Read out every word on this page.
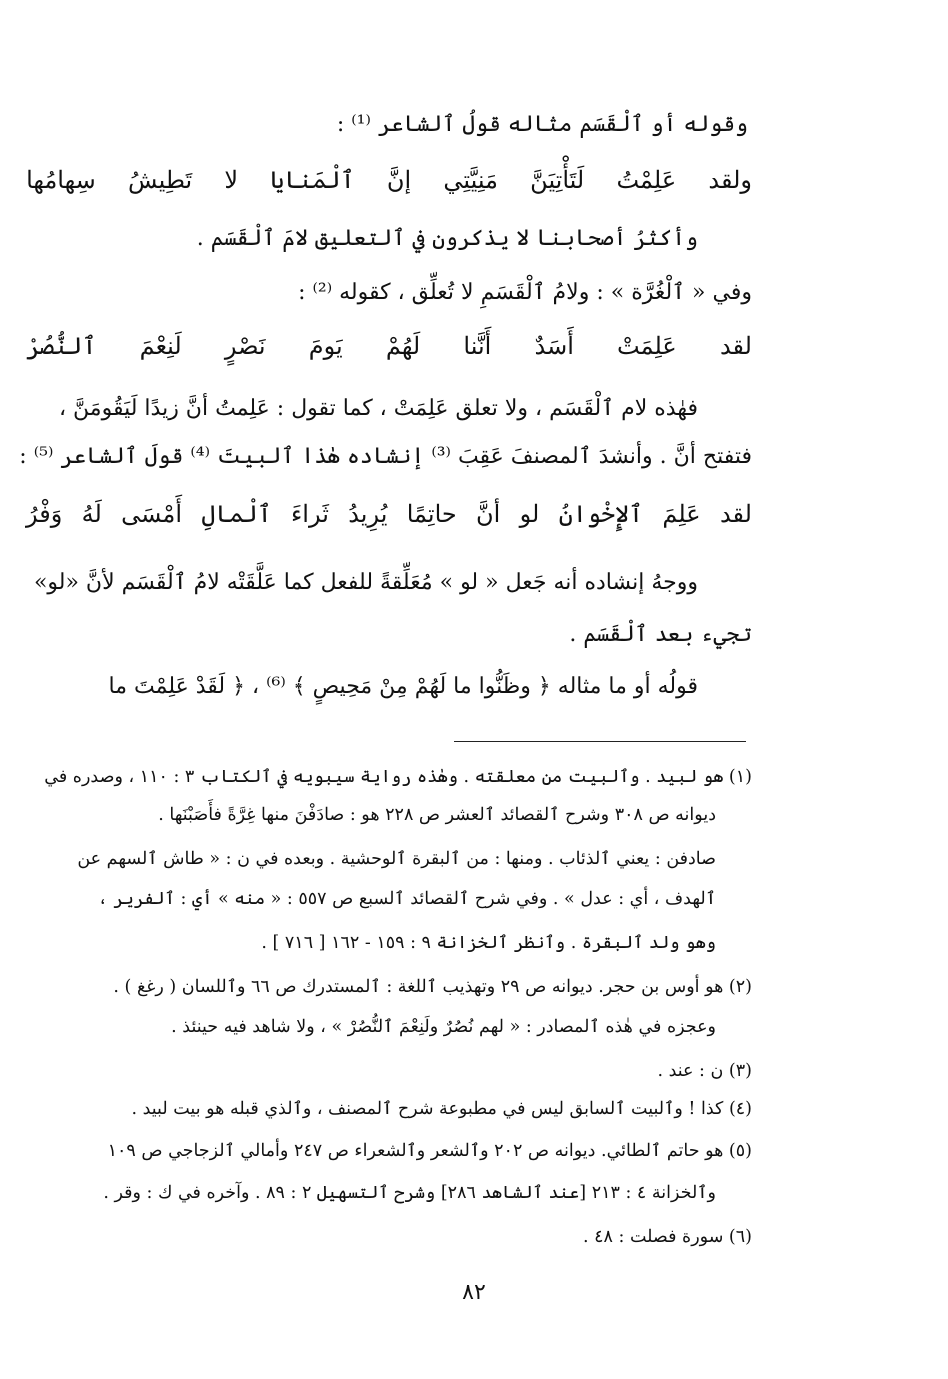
وقوله أو ٱلْقَسَم مثاله قولُ ٱلشاعر ⁽¹⁾ :
ولقد
عَلِمْتُ
لَتَأْتِيَنَّ
مَنِيَّتِي
إنَّ
ٱلْمَنايا
لا
تَطِيشُ
سِهامُها
وأكثرُ أصحابنا لا يذكرون في ٱلتعليق لامَ ٱلْقَسَم .
وفي « ٱلْغُرَّة » : ولامُ ٱلْقَسَمِ لا تُعلِّق ، كقوله ⁽²⁾ :
لقد
عَلِمَتْ
أَسَدٌ
أَنَّنا
لَهُمْ
يَومَ
نَصْرٍ
لَنِعْمَ
ٱلنُّصُرْ
فهٰذه لام ٱلْقَسَم ، ولا تعلق عَلِمَتْ ، كما تقول : عَلِمتُ أنَّ زيدًا لَيَقُومَنَّ ،
فتفتح أنَّ . وأنشدَ ٱلمصنفَ عَقِبَ ⁽³⁾ إنشاده هٰذا ٱلبيتَ ⁽⁴⁾ قولَ ٱلشاعر ⁽⁵⁾ :
لقد
عَلِمَ
ٱلإِخْوانُ
لو
أنَّ
حاتِمًا
يُرِيدُ
ثَراءَ
ٱلْمالِ
أَمْسَى
لَهُ
وَفْرُ
ووجهُ إنشاده أنه جَعل « لو » مُعَلِّقةً للفعل كما عَلَّقَتْه لامُ ٱلْقَسَم لأنَّ «لو»
تجيء بعد ٱلْقَسَم .
قولُه أو ما مثاله ﴿ وظَنُّوا ما لَهُمْ مِنْ مَحِيصٍ ﴾ ⁽⁶⁾ ، ﴿ لَقَدْ عَلِمْتَ ما
(١) هو لبيد . وٱلبيت من معلقته . وهٰذه رواية سيبويه في ٱلكتاب ٣ : ١١٠ ، وصدره في
ديوانه ص ٣٠٨ وشرح ٱلقصائد ٱلعشر ص ٢٢٨ هو : صادَفْنَ منها غِرَّةً فأَصَبْنَها .
صادفن : يعني ٱلذئاب . ومنها : من ٱلبقرة ٱلوحشية . وبعده في ن : « طاش ٱلسهم عن
ٱلهدف ، أي : عدل » . وفي شرح ٱلقصائد ٱلسبع ص ٥٥٧ : « منه » أي : ٱلفرير ،
وهو ولد ٱلبقرة . وٱنظر ٱلخزانة ٩ : ١٥٩ - ١٦٢ [ ٧١٦ ] .
(٢) هو أوس بن حجر. ديوانه ص ٢٩ وتهذيب ٱللغة : ٱلمستدرك ص ٦٦ وٱللسان ( رغغ ) .
وعجزه في هٰذه ٱلمصادر : « لهم نُصُرٌ ولَنِعْمَ ٱلنُّصُرْ » ، ولا شاهد فيه حينئذ .
(٣) ن : عند .
(٤) كذا ! وٱلبيت ٱلسابق ليس في مطبوعة شرح ٱلمصنف ، وٱلذي قبله هو بيت لبيد .
(٥) هو حاتم ٱلطائي. ديوانه ص ٢٠٢ وٱلشعر وٱلشعراء ص ٢٤٧ وأمالي ٱلزجاجي ص ١٠٩
وٱلخزانة ٤ : ٢١٣ [عند ٱلشاهد ٢٨٦] وشرح ٱلتسهيل ٢ : ٨٩ . وآخره في ك : وقر .
(٦) سورة فصلت : ٤٨ .
٨٢
